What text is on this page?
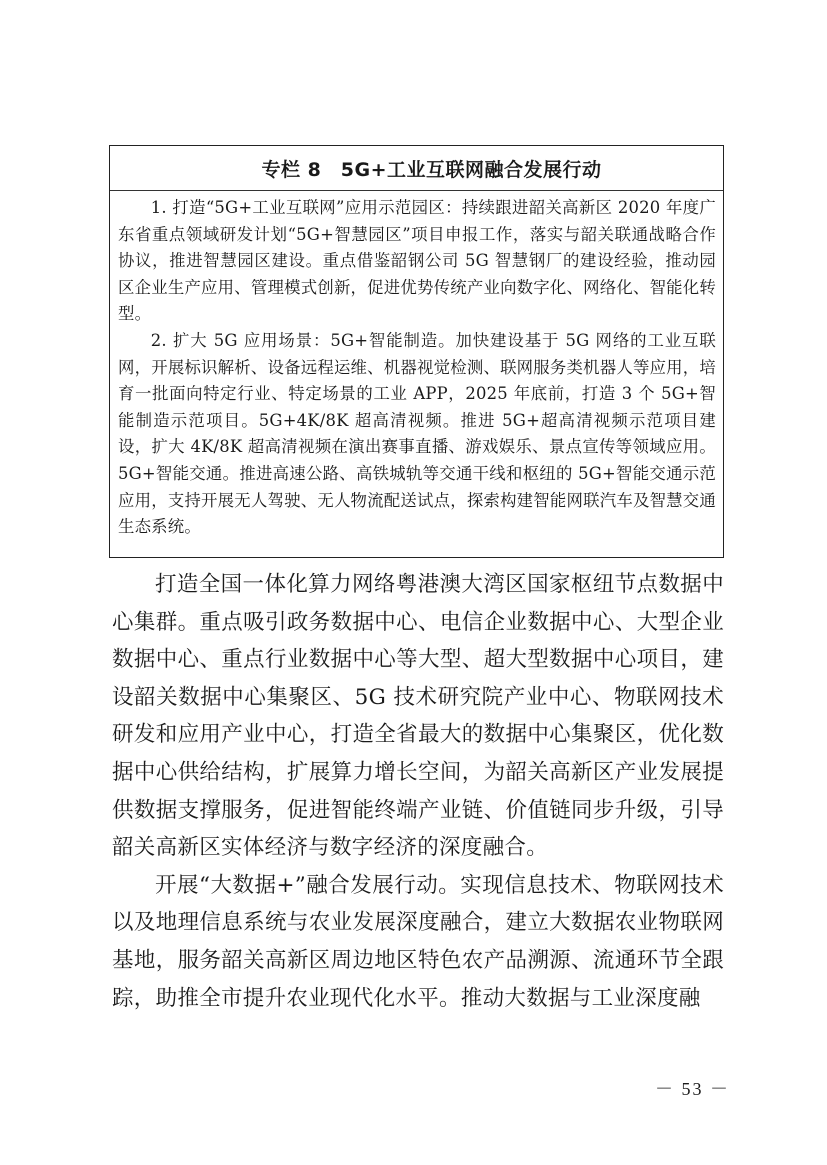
专栏 8　5G+工业互联网融合发展行动

1. 打造“5G+工业互联网”应用示范园区：持续跟进韶关高新区 2020 年度广东省重点领域研发计划“5G+智慧园区”项目申报工作，落实与韶关联通战略合作协议，推进智慧园区建设。重点借鉴韶钢公司 5G 智慧钢厂的建设经验，推动园区企业生产应用、管理模式创新，促进优势传统产业向数字化、网络化、智能化转型。

2. 扩大 5G 应用场景：5G+智能制造。加快建设基于 5G 网络的工业互联网，开展标识解析、设备远程运维、机器视觉检测、联网服务类机器人等应用，培育一批面向特定行业、特定场景的工业 APP，2025 年底前，打造 3 个 5G+智能制造示范项目。5G+4K/8K 超高清视频。推进 5G+超高清视频示范项目建设，扩大 4K/8K 超高清视频在演出赛事直播、游戏娱乐、景点宣传等领域应用。5G+智能交通。推进高速公路、高铁城轨等交通干线和枢纽的 5G+智能交通示范应用，支持开展无人驾驶、无人物流配送试点，探索构建智能网联汽车及智慧交通生态系统。

打造全国一体化算力网络粤港澳大湾区国家枢纽节点数据中心集群。重点吸引政务数据中心、电信企业数据中心、大型企业数据中心、重点行业数据中心等大型、超大型数据中心项目，建设韶关数据中心集聚区、5G 技术研究院产业中心、物联网技术研发和应用产业中心，打造全省最大的数据中心集聚区，优化数据中心供给结构，扩展算力增长空间，为韶关高新区产业发展提供数据支撑服务，促进智能终端产业链、价值链同步升级，引导韶关高新区实体经济与数字经济的深度融合。

开展“大数据+”融合发展行动。实现信息技术、物联网技术以及地理信息系统与农业发展深度融合，建立大数据农业物联网基地，服务韶关高新区周边地区特色农产品溯源、流通环节全跟踪，助推全市提升农业现代化水平。推动大数据与工业深度融

－ 53 －
